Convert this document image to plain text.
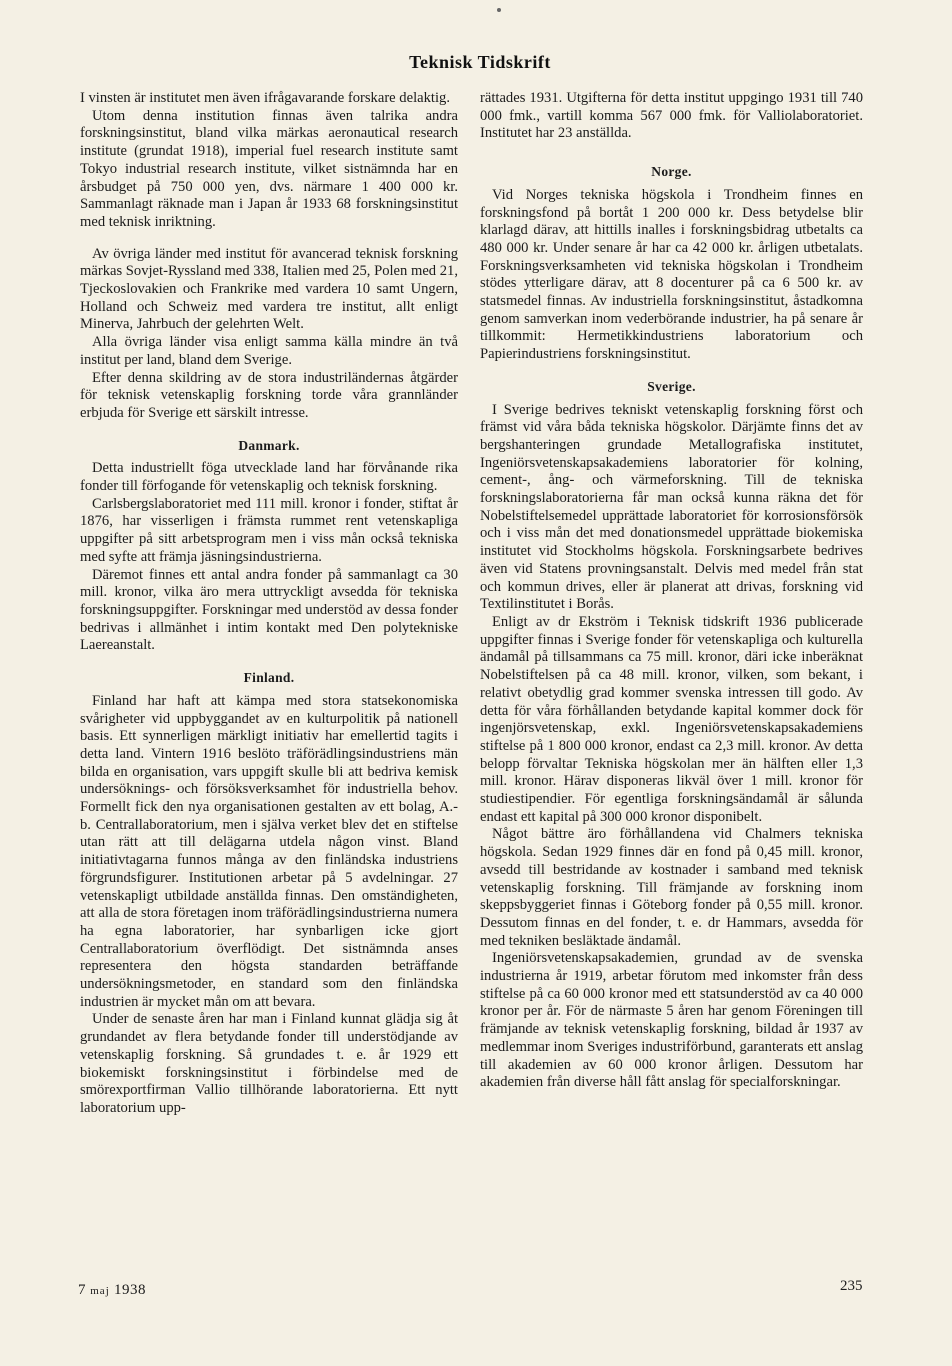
Teknisk Tidskrift

I vinsten är institutet men även ifrågavarande forskare delaktig.

Utom denna institution finnas även talrika andra forskningsinstitut, bland vilka märkas aeronautical research institute (grundat 1918), imperial fuel research institute samt Tokyo industrial research institute, vilket sistnämnda har en årsbudget på 750 000 yen, dvs. närmare 1 400 000 kr. Sammanlagt räknade man i Japan år 1933 68 forskningsinstitut med teknisk inriktning.

Av övriga länder med institut för avancerad teknisk forskning märkas Sovjet-Ryssland med 338, Italien med 25, Polen med 21, Tjeckoslovakien och Frankrike med vardera 10 samt Ungern, Holland och Schweiz med vardera tre institut, allt enligt Minerva, Jahrbuch der gelehrten Welt.

Alla övriga länder visa enligt samma källa mindre än två institut per land, bland dem Sverige.

Efter denna skildring av de stora industriländernas åtgärder för teknisk vetenskaplig forskning torde våra grannländer erbjuda för Sverige ett särskilt intresse.

Danmark.

Detta industriellt föga utvecklade land har förvånande rika fonder till förfogande för vetenskaplig och teknisk forskning.

Carlsbergslaboratoriet med 111 mill. kronor i fonder, stiftat år 1876, har visserligen i främsta rummet rent vetenskapliga uppgifter på sitt arbetsprogram men i viss mån också tekniska med syfte att främja jäsningsindustrierna.

Däremot finnes ett antal andra fonder på sammanlagt ca 30 mill. kronor, vilka äro mera uttryckligt avsedda för tekniska forskningsuppgifter. Forskningar med understöd av dessa fonder bedrivas i allmänhet i intim kontakt med Den polytekniske Laereanstalt.

Finland.

Finland har haft att kämpa med stora statsekonomiska svårigheter vid uppbyggandet av en kulturpolitik på nationell basis. Ett synnerligen märkligt initiativ har emellertid tagits i detta land. Vintern 1916 beslöto träförädlingsindustriens män bilda en organisation, vars uppgift skulle bli att bedriva kemisk undersöknings- och försöksverksamhet för industriella behov. Formellt fick den nya organisationen gestalten av ett bolag, A.-b. Centrallaboratorium, men i själva verket blev det en stiftelse utan rätt att till delägarna utdela någon vinst. Bland initiativtagarna funnos många av den finländska industriens förgrundsfigurer. Institutionen arbetar på 5 avdelningar. 27 vetenskapligt utbildade anställda finnas. Den omständigheten, att alla de stora företagen inom träförädlingsindustrierna numera ha egna laboratorier, har synbarligen icke gjort Centrallaboratorium överflödigt. Det sistnämnda anses representera den högsta standarden beträffande undersökningsmetoder, en standard som den finländska industrien är mycket mån om att bevara.

Under de senaste åren har man i Finland kunnat glädja sig åt grundandet av flera betydande fonder till understödjande av vetenskaplig forskning. Så grundades t. e. år 1929 ett biokemiskt forskningsinstitut i förbindelse med de smörexportfirman Vallio tillhörande laboratorierna. Ett nytt laboratorium upp-

rättades 1931. Utgifterna för detta institut uppgingo 1931 till 740 000 fmk., vartill komma 567 000 fmk. för Valliolaboratoriet. Institutet har 23 anställda.

Norge.

Vid Norges tekniska högskola i Trondheim finnes en forskningsfond på bortåt 1 200 000 kr. Dess betydelse blir klarlagd därav, att hittills inalles i forskningsbidrag utbetalts ca 480 000 kr. Under senare år har ca 42 000 kr. årligen utbetalats. Forskningsverksamheten vid tekniska högskolan i Trondheim stödes ytterligare därav, att 8 docenturer på ca 6 500 kr. av statsmedel finnas. Av industriella forskningsinstitut, åstadkomna genom samverkan inom vederbörande industrier, ha på senare år tillkommit: Hermetikkindustriens laboratorium och Papierindustriens forskningsinstitut.

Sverige.

I Sverige bedrives tekniskt vetenskaplig forskning först och främst vid våra båda tekniska högskolor. Därjämte finns det av bergshanteringen grundade Metallografiska institutet, Ingeniörsvetenskapsakademiens laboratorier för kolning, cement-, ång- och värmeforskning. Till de tekniska forskningslaboratorierna får man också kunna räkna det för Nobelstiftelsemedel upprättade laboratoriet för korrosionsförsök och i viss mån det med donationsmedel upprättade biokemiska institutet vid Stockholms högskola. Forskningsarbete bedrives även vid Statens provningsanstalt. Delvis med medel från stat och kommun drives, eller är planerat att drivas, forskning vid Textilinstitutet i Borås.

Enligt av dr Ekström i Teknisk tidskrift 1936 publicerade uppgifter finnas i Sverige fonder för vetenskapliga och kulturella ändamål på tillsammans ca 75 mill. kronor, däri icke inberäknat Nobelstiftelsen på ca 48 mill. kronor, vilken, som bekant, i relativt obetydlig grad kommer svenska intressen till godo. Av detta för våra förhållanden betydande kapital kommer dock för ingenjörsvetenskap, exkl. Ingeniörsvetenskapsakademiens stiftelse på 1 800 000 kronor, endast ca 2,3 mill. kronor. Av detta belopp förvaltar Tekniska högskolan mer än hälften eller 1,3 mill. kronor. Härav disponeras likväl över 1 mill. kronor för studiestipendier. För egentliga forskningsändamål är sålunda endast ett kapital på 300 000 kronor disponibelt.

Något bättre äro förhållandena vid Chalmers tekniska högskola. Sedan 1929 finnes där en fond på 0,45 mill. kronor, avsedd till bestridande av kostnader i samband med teknisk vetenskaplig forskning. Till främjande av forskning inom skeppsbyggeriet finnas i Göteborg fonder på 0,55 mill. kronor. Dessutom finnas en del fonder, t. e. dr Hammars, avsedda för med tekniken besläktade ändamål.

Ingeniörsvetenskapsakademien, grundad av de svenska industrierna år 1919, arbetar förutom med inkomster från dess stiftelse på ca 60 000 kronor med ett statsunderstöd av ca 40 000 kronor per år. För de närmaste 5 åren har genom Föreningen till främjande av teknisk vetenskaplig forskning, bildad år 1937 av medlemmar inom Sveriges industriförbund, garanterats ett anslag till akademien av 60 000 kronor årligen. Dessutom har akademien från diverse håll fått anslag för specialforskningar.

7 maj 1938	235
